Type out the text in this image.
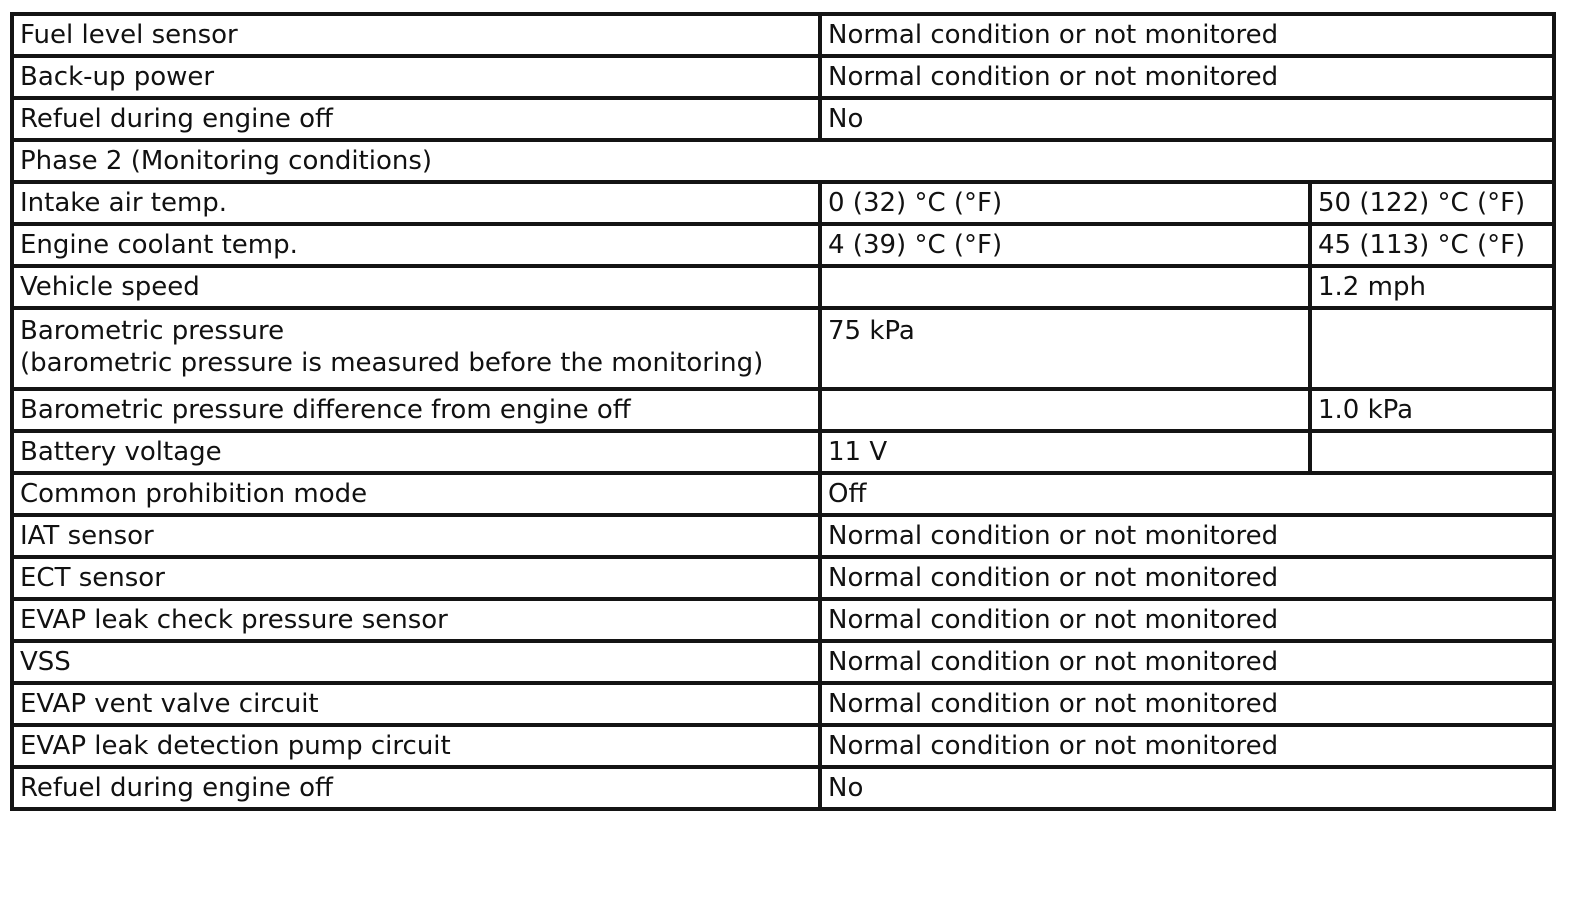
Fuel level sensor	Normal condition or not monitored	
Back-up power	Normal condition or not monitored	
Refuel during engine off	No	
Phase 2 (Monitoring conditions)		
Intake air temp.	0 (32) °C (°F)	50 (122) °C (°F)
Engine coolant temp.	4 (39) °C (°F)	45 (113) °C (°F)
Vehicle speed		1.2 mph

Barometric pressure
(barometric pressure is measured before the monitoring)	75 kPa	
Barometric pressure difference from engine off		1.0 kPa
Battery voltage	11 V	
Common prohibition mode	Off	
IAT sensor	Normal condition or not monitored	
ECT sensor	Normal condition or not monitored	
EVAP leak check pressure sensor	Normal condition or not monitored	
VSS	Normal condition or not monitored	
EVAP vent valve circuit	Normal condition or not monitored	
EVAP leak detection pump circuit	Normal condition or not monitored	
Refuel during engine off	No	
